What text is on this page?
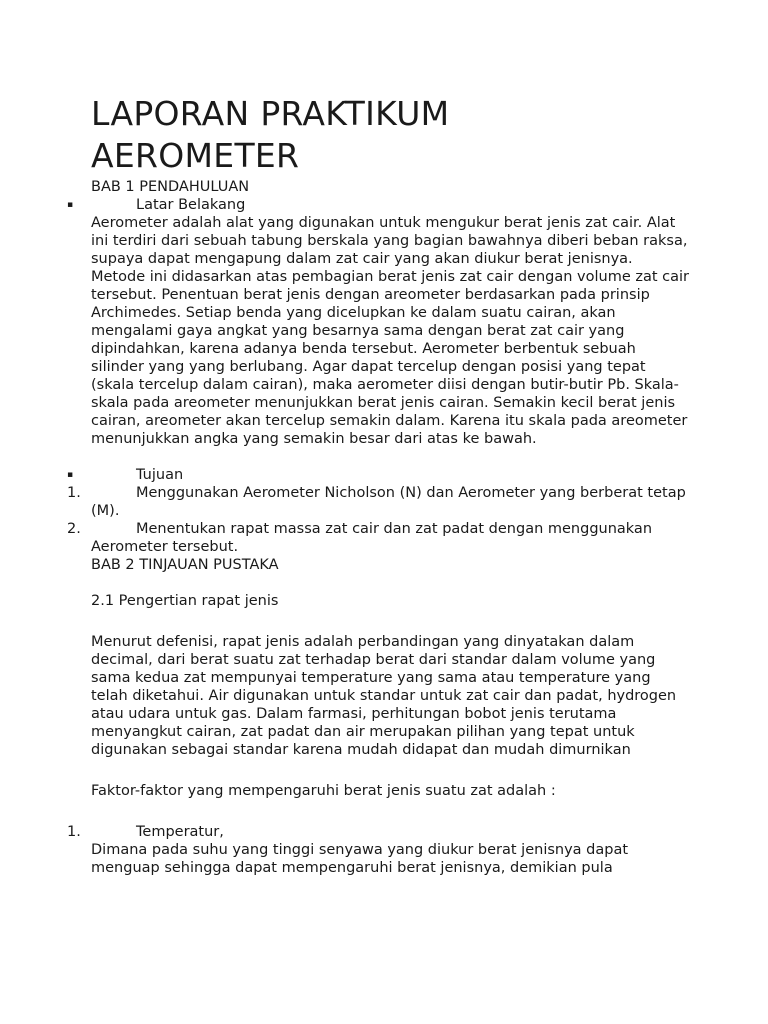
LAPORAN PRAKTIKUM
AEROMETER

BAB 1 PENDAHULUAN

▪	Latar Belakang

Aerometer adalah alat yang digunakan untuk mengukur berat jenis zat cair. Alat ini terdiri dari sebuah tabung berskala yang bagian bawahnya diberi beban raksa, supaya dapat mengapung dalam zat cair yang akan diukur berat jenisnya. Metode ini didasarkan atas pembagian berat jenis zat cair dengan volume zat cair tersebut. Penentuan berat jenis dengan areometer berdasarkan pada prinsip Archimedes. Setiap benda yang dicelupkan ke dalam suatu cairan, akan mengalami gaya angkat yang besarnya sama dengan berat zat cair yang dipindahkan, karena adanya benda tersebut. Aerometer berbentuk sebuah silinder yang yang berlubang. Agar dapat tercelup dengan posisi yang tepat (skala tercelup dalam cairan), maka aerometer diisi dengan butir-butir Pb. Skala-skala pada areometer menunjukkan berat jenis cairan. Semakin kecil berat jenis cairan, areometer akan tercelup semakin dalam. Karena itu skala pada areometer menunjukkan angka yang semakin besar dari atas ke bawah.

▪	Tujuan

1.	Menggunakan Aerometer Nicholson (N) dan Aerometer yang berberat tetap (M).

2.	Menentukan rapat massa zat cair dan zat padat dengan menggunakan Aerometer tersebut.

BAB 2 TINJAUAN PUSTAKA

2.1 Pengertian rapat jenis

Menurut defenisi, rapat jenis adalah perbandingan yang dinyatakan dalam decimal, dari berat suatu zat terhadap berat dari standar dalam volume yang sama kedua zat mempunyai temperature yang sama atau temperature yang telah diketahui. Air digunakan untuk standar untuk zat cair dan padat, hydrogen atau udara untuk gas. Dalam farmasi, perhitungan bobot jenis terutama menyangkut cairan, zat padat dan air merupakan pilihan yang tepat untuk digunakan sebagai standar karena mudah didapat dan mudah dimurnikan

Faktor-faktor yang mempengaruhi berat jenis suatu zat adalah :

1.	Temperatur,

Dimana pada suhu yang tinggi senyawa yang diukur berat jenisnya dapat menguap sehingga dapat mempengaruhi berat jenisnya, demikian pula
